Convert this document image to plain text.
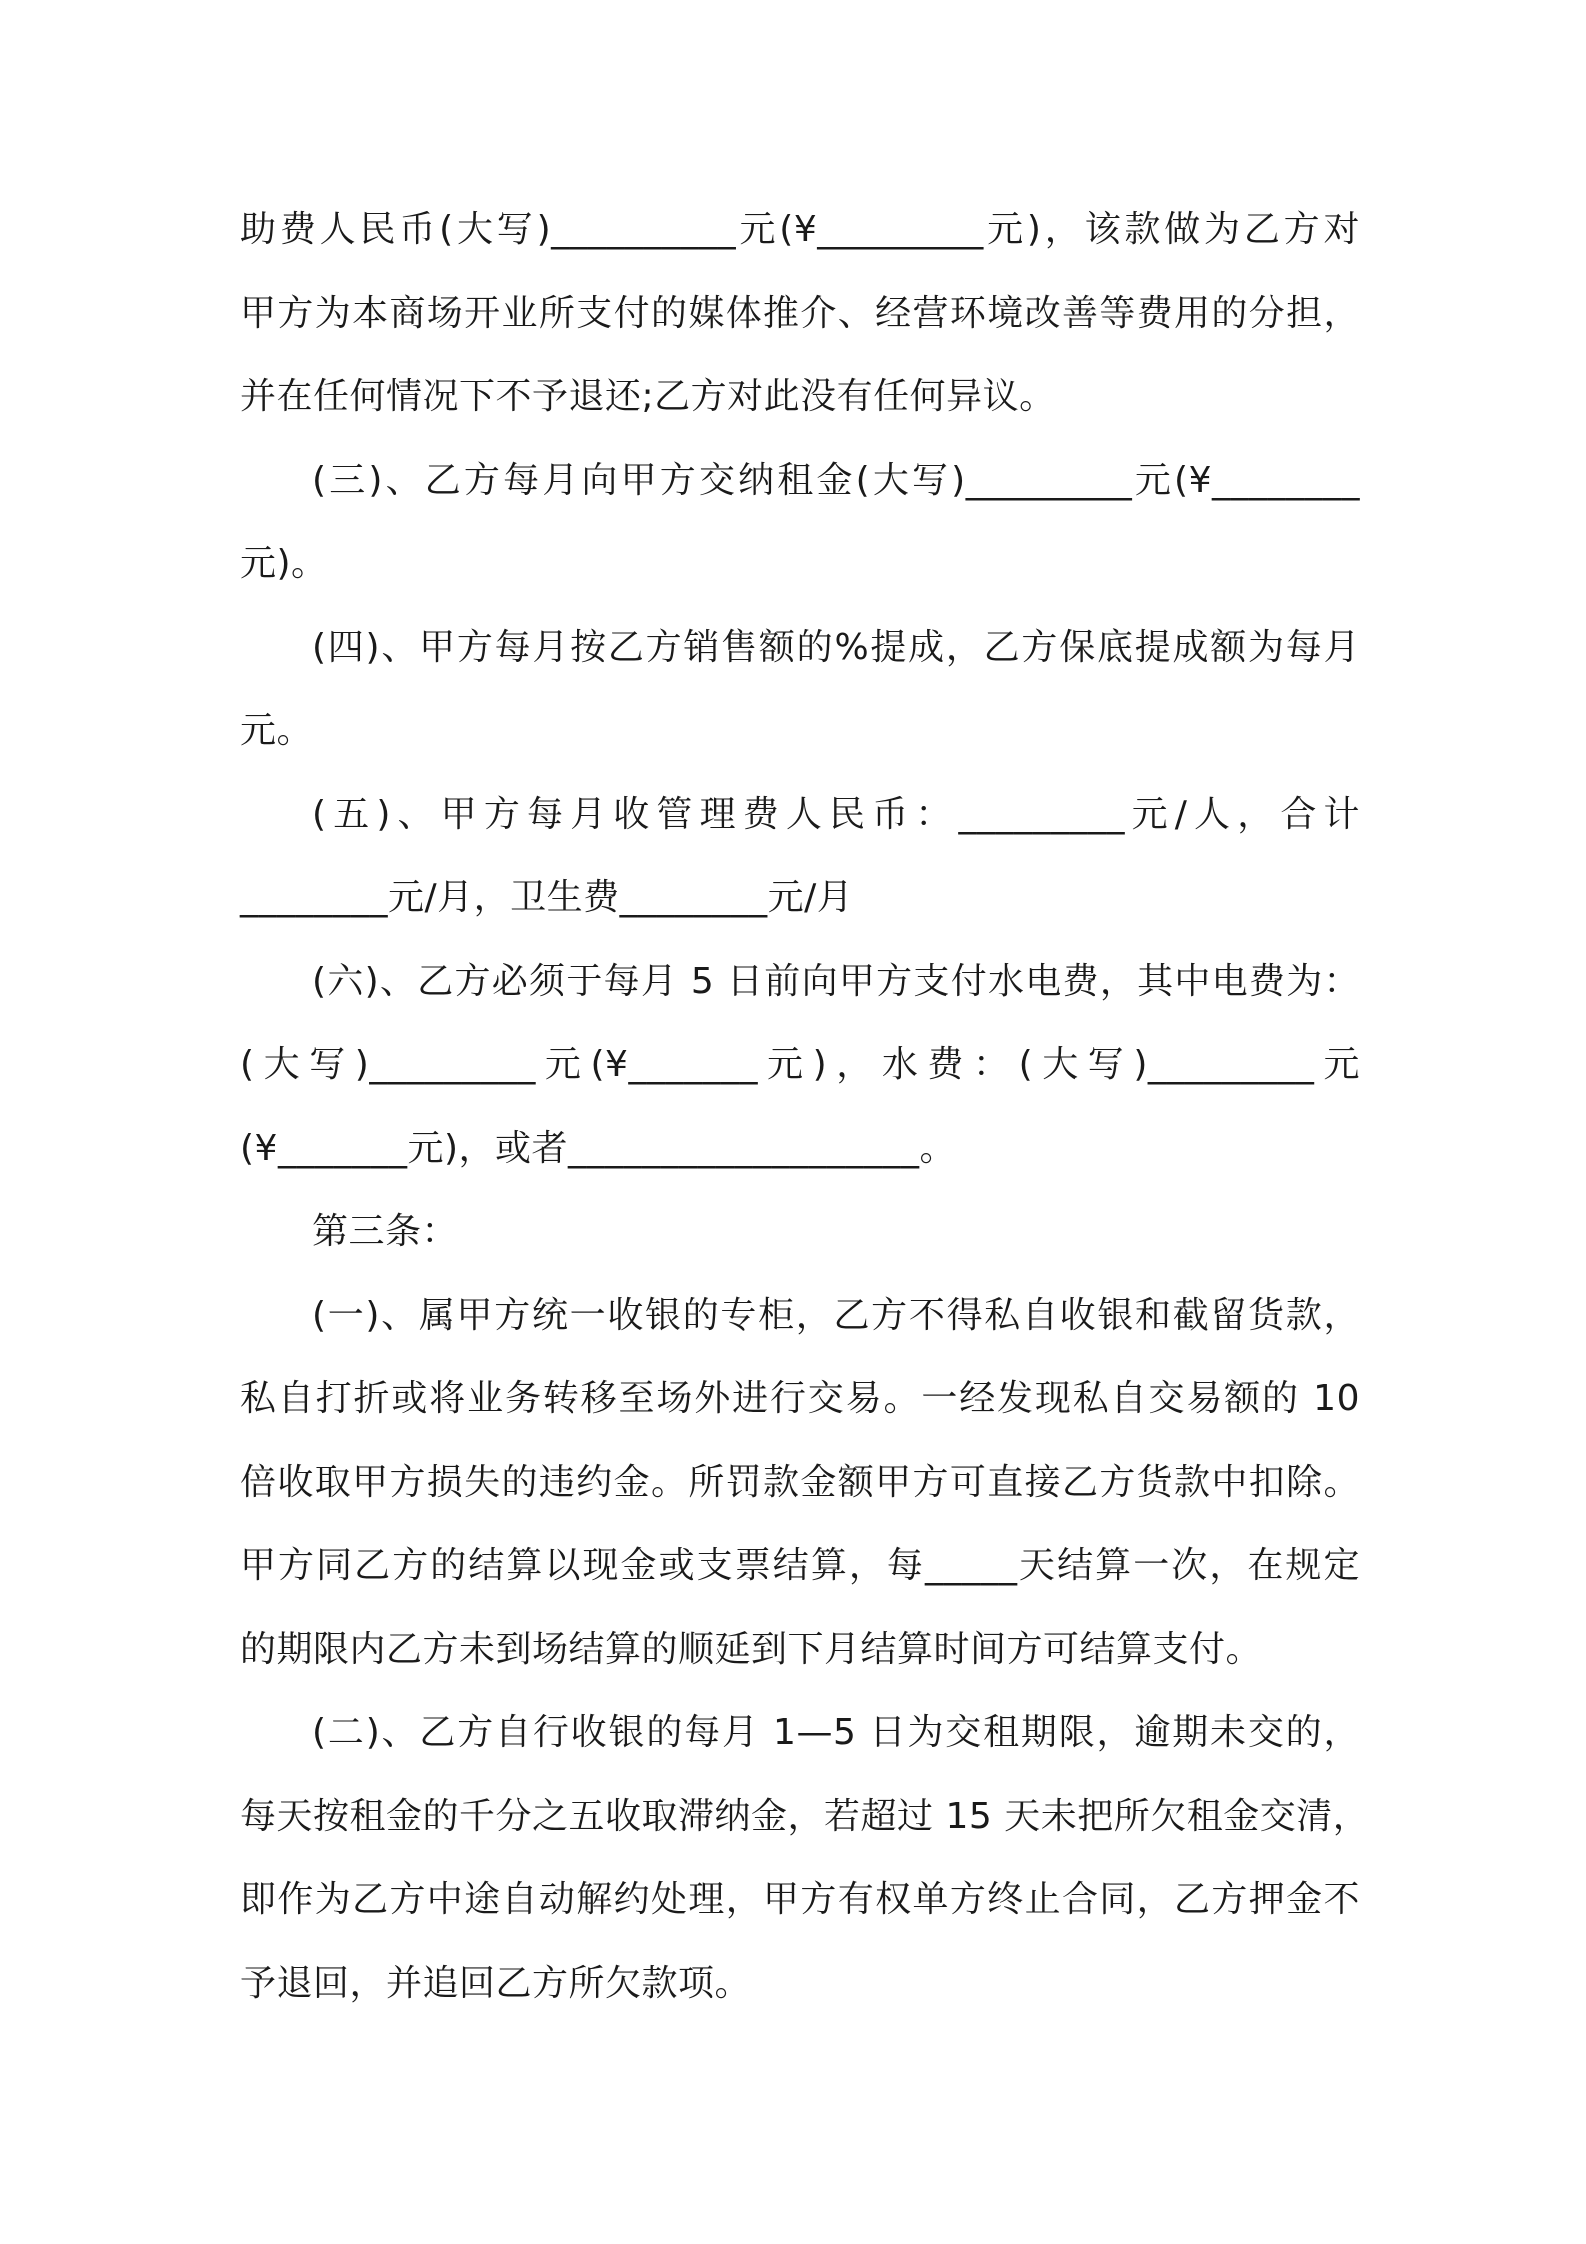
助费人民币(大写)__________元(¥_________元)，该款做为乙方对
甲方为本商场开业所支付的媒体推介、经营环境改善等费用的分担，
并在任何情况下不予退还;乙方对此没有任何异议。
(三)、乙方每月向甲方交纳租金(大写)_________元(¥________
元)。
(四)、甲方每月按乙方销售额的%提成，乙方保底提成额为每月
元。
(五)、甲方每月收管理费人民币：_________元/人，合计
________元/月，卫生费________元/月
(六)、乙方必须于每月 5 日前向甲方支付水电费，其中电费为：
(大写)_________元(¥_______元)，水费：(大写)_________元
(¥_______元)，或者___________________。
第三条：
(一)、属甲方统一收银的专柜，乙方不得私自收银和截留货款，
私自打折或将业务转移至场外进行交易。一经发现私自交易额的 10
倍收取甲方损失的违约金。所罚款金额甲方可直接乙方货款中扣除。
甲方同乙方的结算以现金或支票结算，每_____天结算一次，在规定
的期限内乙方未到场结算的顺延到下月结算时间方可结算支付。
(二)、乙方自行收银的每月 1—5 日为交租期限，逾期未交的，
每天按租金的千分之五收取滞纳金，若超过 15 天未把所欠租金交清，
即作为乙方中途自动解约处理，甲方有权单方终止合同，乙方押金不
予退回，并追回乙方所欠款项。
